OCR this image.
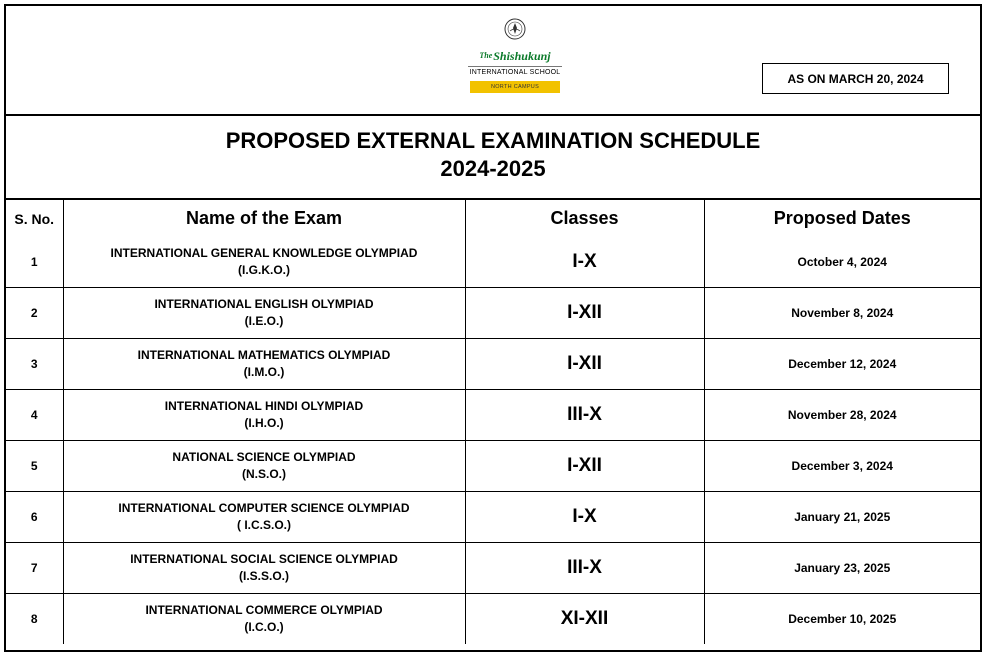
TheShishukunj
INTERNATIONAL SCHOOL
NORTH CAMPUS
AS ON MARCH 20, 2024
PROPOSED EXTERNAL EXAMINATION SCHEDULE
2024-2025
S. No.	Name of the Exam	Classes	Proposed Dates
1	INTERNATIONAL GENERAL KNOWLEDGE OLYMPIAD
(I.G.K.O.)	I-X	October 4, 2024
2	INTERNATIONAL ENGLISH OLYMPIAD
(I.E.O.)	I-XII	November 8, 2024
3	INTERNATIONAL MATHEMATICS OLYMPIAD
(I.M.O.)	I-XII	December 12, 2024
4	INTERNATIONAL HINDI OLYMPIAD
(I.H.O.)	III-X	November 28, 2024
5	NATIONAL SCIENCE OLYMPIAD
(N.S.O.)	I-XII	December 3, 2024
6	INTERNATIONAL COMPUTER SCIENCE OLYMPIAD
( I.C.S.O.)	I-X	January 21, 2025
7	INTERNATIONAL SOCIAL SCIENCE OLYMPIAD
(I.S.S.O.)	III-X	January 23, 2025
8	INTERNATIONAL COMMERCE OLYMPIAD
(I.C.O.)	XI-XII	December 10, 2025
